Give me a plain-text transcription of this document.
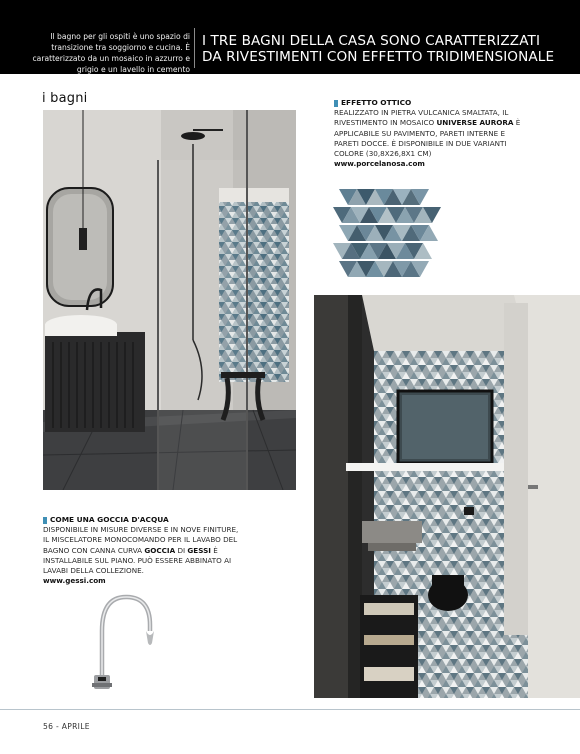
Il bagno per gli ospiti è uno spazio di transizione tra soggiorno e cucina. È caratterizzato da un mosaico in azzurro e grigio e un lavello in cemento

I TRE BAGNI DELLA CASA SONO CARATTERIZZATI
DA RIVESTIMENTI CON EFFETTO TRIDIMENSIONALE
i bagni	EFFETTO OTTICO

REALIZZATO IN PIETRA VULCANICA SMALTATA, IL RIVESTIMENTO IN MOSAICO UNIVERSE AURORA È APPLICABILE SU PAVIMENTO, PARETI INTERNE E PARETI DOCCE. È DISPONIBILE IN DUE VARIANTI COLORE (30,8X26,8X1 CM)

www.porcelanosa.com

COME UNA GOCCIA D'ACQUA

DISPONIBILE IN MISURE DIVERSE E IN NOVE FINITURE, IL MISCELATORE MONOCOMANDO PER IL LAVABO DEL BAGNO CON CANNA CURVA GOCCIA DI GESSI È INSTALLABILE SUL PIANO. PUÒ ESSERE ABBINATO AI LAVABI DELLA COLLEZIONE.

www.gessi.com

56 - APRILE
